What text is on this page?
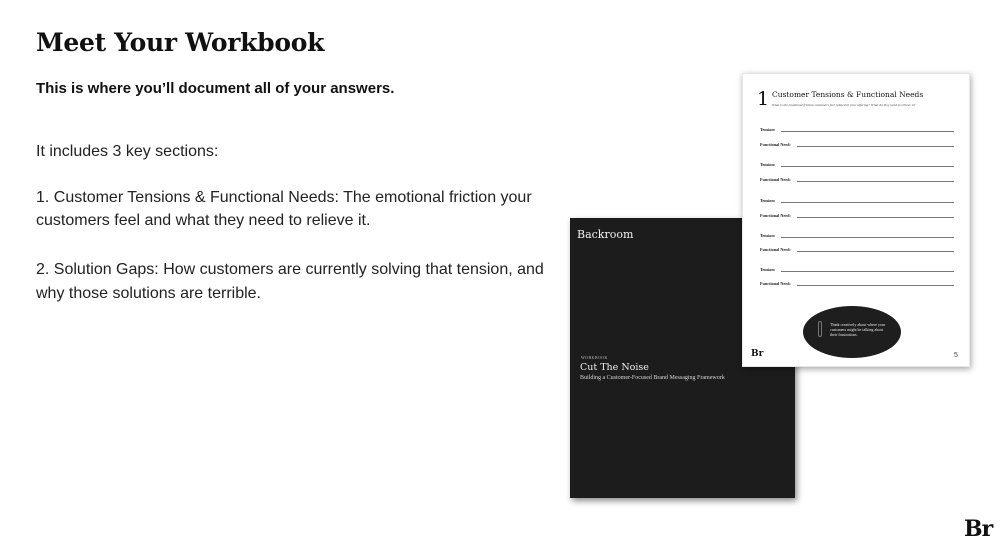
Meet Your Workbook
This is where you’ll document all of your answers.
It includes 3 key sections:
1. Customer Tensions & Functional Needs: The emotional friction your customers feel and what they need to relieve it.
2. Solution Gaps: How customers are currently solving that tension, and why those solutions are terrible.
Backroom
WORKBOOK
Cut The Noise
Building a Customer-Focused Brand Messaging Framework
1 Customer Tensions & Functional Needs
What is the emotional friction customers feel related to your offering? What do they need to relieve it?
Tension:
Functional Need:
Tension:
Functional Need:
Tension:
Functional Need:
Tension:
Functional Need:
Tension:
Functional Need:
Think creatively about where your customers might be talking about their frustrations.
Br	5
Br
